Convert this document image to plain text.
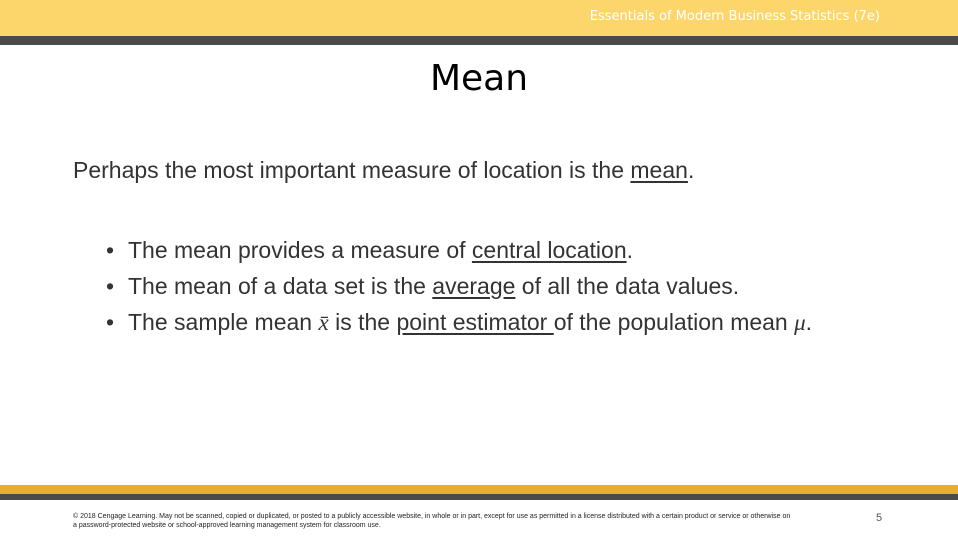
Essentials of Modern Business Statistics (7e)
Mean
Perhaps the most important measure of location is the mean.
• The mean provides a measure of central location.
• The mean of a data set is the average of all the data values.
• The sample mean x̄ is the point estimator of the population mean μ.
© 2018 Cengage Learning. May not be scanned, copied or duplicated, or posted to a publicly accessible website, in whole or in part, except for use as permitted in a license distributed with a certain product or service or otherwise on a password-protected website or school-approved learning management system for classroom use.
5
